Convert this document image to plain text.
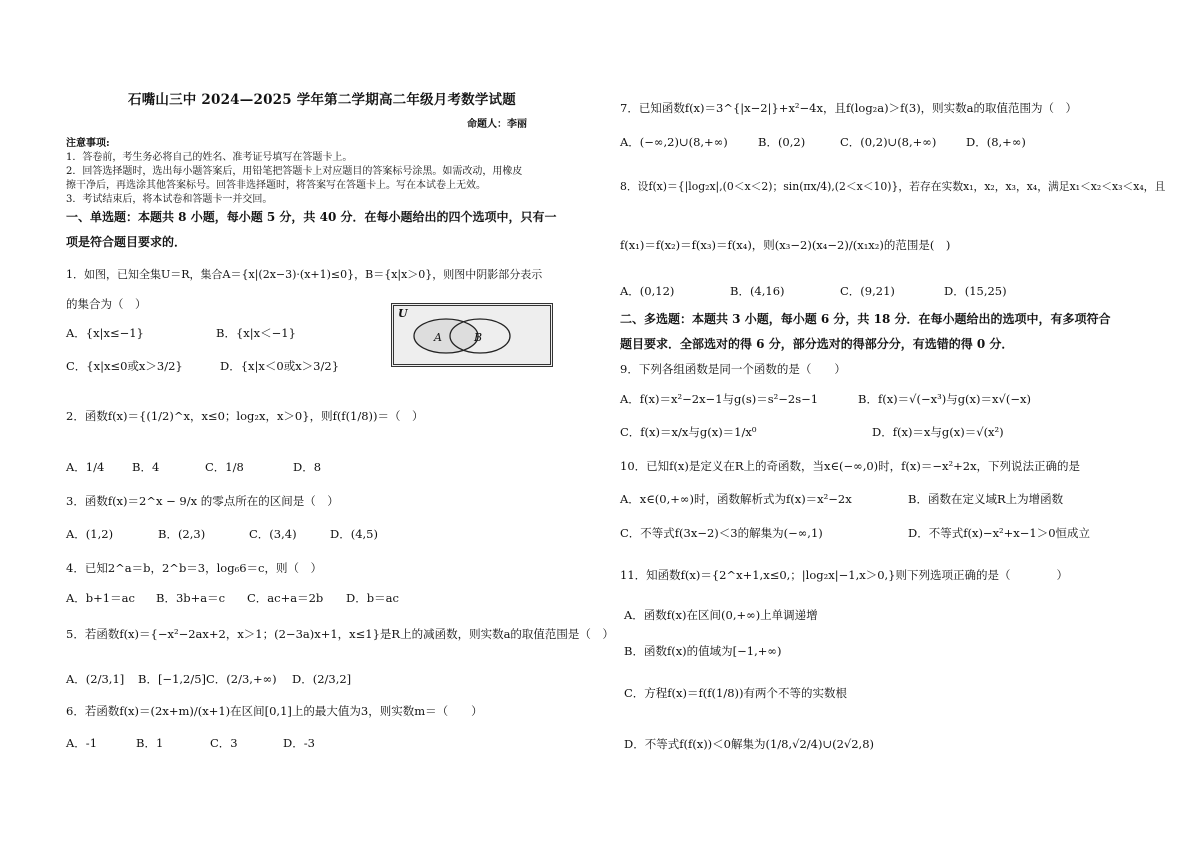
石嘴山三中 2024—2025 学年第二学期高二年级月考数学试题
命题人：李丽
注意事项:
1．答卷前，考生务必将自己的姓名、准考证号填写在答题卡上。
2．回答选择题时，选出每小题答案后，用铅笔把答题卡上对应题目的答案标号涂黑。如需改动，用橡皮
擦干净后，再选涂其他答案标号。回答非选择题时，将答案写在答题卡上。写在本试卷上无效。
3．考试结束后，将本试卷和答题卡一并交回。
一、单选题：本题共 8 小题，每小题 5 分，共 40 分．在每小题给出的四个选项中，只有一
项是符合题目要求的．
1．如图，已知全集U＝R，集合A＝{x|(2x−3)·(x+1)≤0}，B＝{x|x＞0}，则图中阴影部分表示
的集合为（　）
A．{x|x≤−1}	B．{x|x＜−1}
C．{x|x≤0或x＞3/2}	D．{x|x＜0或x＞3/2}
U
A	B
2．函数f(x)＝{(1/2)^x，x≤0；log₂x，x＞0}，则f(f(1/8))＝（　）
A．1/4 B．4	C．1/8	D．8
3．函数f(x)＝2^x − 9/x 的零点所在的区间是（　）
A．(1,2)	B．(2,3)	C．(3,4)	D．(4,5)
4．已知2^a＝b，2^b＝3，log₆6＝c，则（　）
A．b+1＝ac B．3b+a＝c C．ac+a＝2b D．b＝ac
5．若函数f(x)＝{−x²−2ax+2，x＞1；(2−3a)x+1，x≤1}是R上的减函数，则实数a的取值范围是（　）
A．(2/3,1] B．[−1,2/5] C．(2/3,+∞) D．(2/3,2]
6．若函数f(x)＝(2x+m)/(x+1)在区间[0,1]上的最大值为3，则实数m＝（　　）
A．-1	B．1	C．3	D．-3
7．已知函数f(x)＝3^{|x−2|}+x²−4x，且f(log₂a)＞f(3)，则实数a的取值范围为（　）
A．(−∞,2)∪(8,+∞)	B．(0,2)	C．(0,2)∪(8,+∞)	D．(8,+∞)
8．设f(x)＝{|log₂x|,(0＜x＜2)；sin(πx/4),(2＜x＜10)}，若存在实数x₁，x₂，x₃，x₄，满足x₁＜x₂＜x₃＜x₄，且
f(x₁)＝f(x₂)＝f(x₃)＝f(x₄)，则(x₃−2)(x₄−2)/(x₁x₂)的范围是(　)
A．(0,12)	B．(4,16)	C．(9,21)	D．(15,25)
二、多选题：本题共 3 小题，每小题 6 分，共 18 分．在每小题给出的选项中，有多项符合
题目要求．全部选对的得 6 分，部分选对的得部分分，有选错的得 0 分．
9．下列各组函数是同一个函数的是（　　）
A．f(x)＝x²−2x−1与g(s)＝s²−2s−1	B．f(x)＝√(−x³)与g(x)＝x√(−x)
C．f(x)＝x/x与g(x)＝1/x⁰	D．f(x)＝x与g(x)＝√(x²)
10．已知f(x)是定义在R上的奇函数，当x∈(−∞,0)时，f(x)＝−x²+2x，下列说法正确的是
A．x∈(0,+∞)时，函数解析式为f(x)＝x²−2x	B．函数在定义域R上为增函数
C．不等式f(3x−2)＜3的解集为(−∞,1)	D．不等式f(x)−x²+x−1＞0恒成立
11．知函数f(x)＝{2^x+1,x≤0,；|log₂x|−1,x＞0,}则下列选项正确的是（　　　　）
A．函数f(x)在区间(0,+∞)上单调递增
B．函数f(x)的值域为[−1,+∞)
C．方程f(x)＝f(f(1/8))有两个不等的实数根
D．不等式f(f(x))＜0解集为(1/8,√2/4)∪(2√2,8)
